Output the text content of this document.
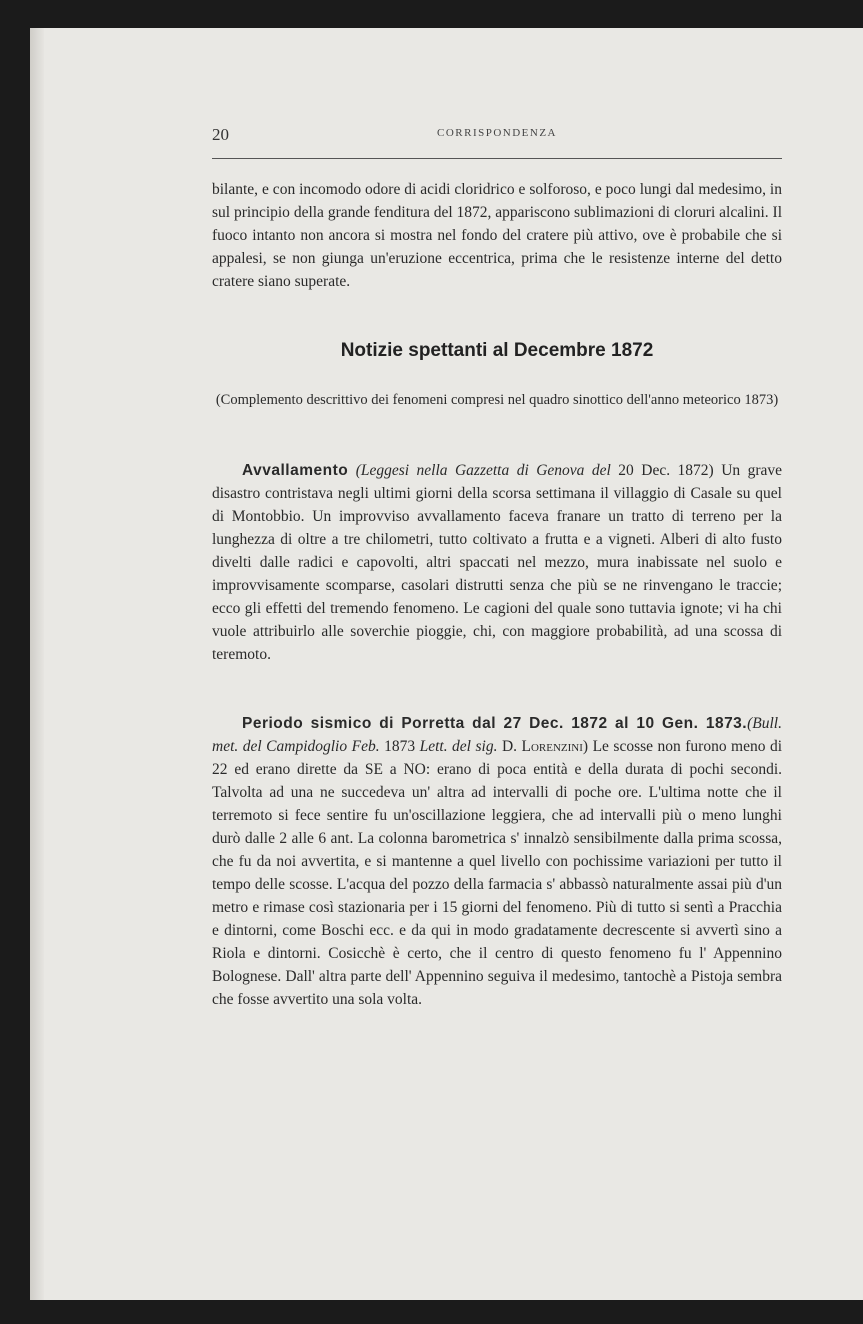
20	CORRISPONDENZA

bilante, e con incomodo odore di acidi cloridrico e solforoso, e poco lungi dal medesimo, in sul principio della grande fenditura del 1872, appariscono sublimazioni di cloruri alcalini. Il fuoco intanto non ancora si mostra nel fondo del cratere più attivo, ove è probabile che si appalesi, se non giunga un'eruzione eccentrica, prima che le resistenze interne del detto cratere siano superate.

Notizie spettanti al Decembre 1872
(Complemento descrittivo dei fenomeni compresi nel quadro sinottico dell'anno meteorico 1873)

Avvallamento (Leggesi nella Gazzetta di Genova del 20 Dec. 1872) Un grave disastro contristava negli ultimi giorni della scorsa settimana il villaggio di Casale su quel di Montobbio. Un improvviso avvallamento faceva franare un tratto di terreno per la lunghezza di oltre a tre chilometri, tutto coltivato a frutta e a vigneti. Alberi di alto fusto divelti dalle radici e capovolti, altri spaccati nel mezzo, mura inabissate nel suolo e improvvisamente scomparse, casolari distrutti senza che più se ne rinvengano le traccie; ecco gli effetti del tremendo fenomeno. Le cagioni del quale sono tuttavia ignote; vi ha chi vuole attribuirlo alle soverchie pioggie, chi, con maggiore probabilità, ad una scossa di teremoto.

Periodo sismico di Porretta dal 27 Dec. 1872 al 10 Gen. 1873.(Bull. met. del Campidoglio Feb. 1873 Lett. del sig. D. Lorenzini) Le scosse non furono meno di 22 ed erano dirette da SE a NO: erano di poca entità e della durata di pochi secondi. Talvolta ad una ne succedeva un' altra ad intervalli di poche ore. L'ultima notte che il terremoto si fece sentire fu un'oscillazione leggiera, che ad intervalli più o meno lunghi durò dalle 2 alle 6 ant. La colonna barometrica s' innalzò sensibilmente dalla prima scossa, che fu da noi avvertita, e si mantenne a quel livello con pochissime variazioni per tutto il tempo delle scosse. L'acqua del pozzo della farmacia s' abbassò naturalmente assai più d'un metro e rimase così stazionaria per i 15 giorni del fenomeno. Più di tutto si sentì a Pracchia e dintorni, come Boschi ecc. e da qui in modo gradatamente decrescente si avvertì sino a Riola e dintorni. Cosicchè è certo, che il centro di questo fenomeno fu l' Appennino Bolognese. Dall' altra parte dell' Appennino seguiva il medesimo, tantochè a Pistoja sembra che fosse avvertito una sola volta.
